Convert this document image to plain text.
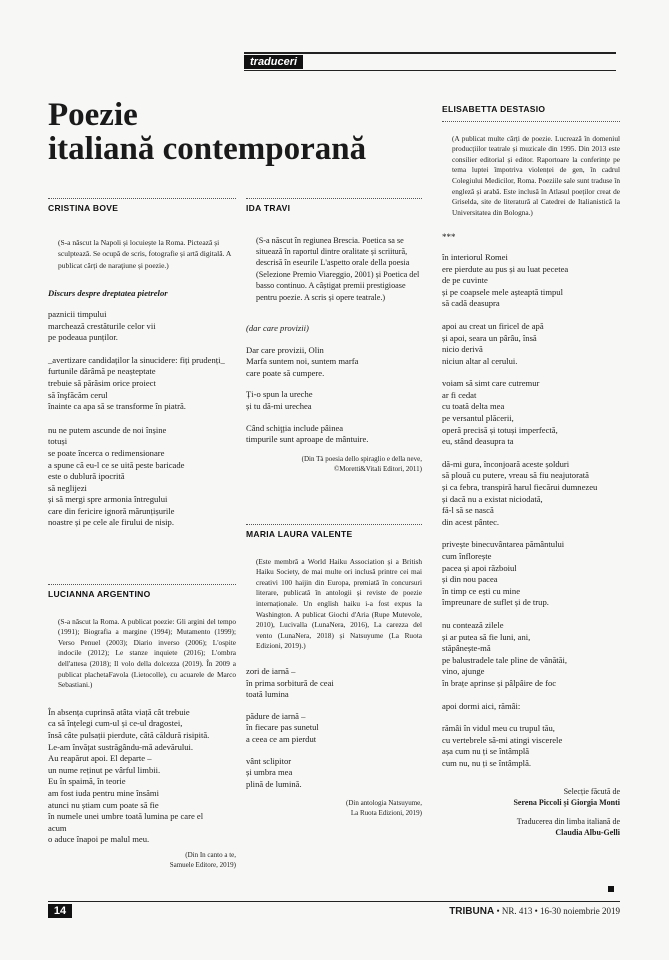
traduceri
Poezie
italiană contemporană

CRISTINA BOVE

(S-a născut la Napoli și locuiește la Roma. Pictează și sculptează. Se ocupă de scris, fotografie și artă digitală. A publicat cărți de naraţiune și poezie.)

Discurs despre dreptatea pietrelor

paznicii timpului
marchează crestăturile celor vii
pe podeaua punților.
_avertizare candidaților la sinucidere: fiți prudenți_
furtunile dărâmă pe neașteptate
trebuie să părăsim orice proiect
să înşfăcăm cerul
înainte ca apa să se transforme în piatră.
nu ne putem ascunde de noi înșine
totuși
se poate încerca o redimensionare
a spune că eu-l ce se uită peste baricade
este o dublură ipocrită
să neglijezi
și să mergi spre armonia întregului
care din fericire ignoră mărunțișurile
noastre și pe cele ale firului de nisip.

LUCIANNA ARGENTINO

(S-a născut la Roma. A publicat poezie: Gli argini del tempo (1991); Biografia a margine (1994); Mutamento (1999); Verso Penuel (2003); Diario inverso (2006); L'ospite indocile (2012); Le stanze inquiete (2016); L'ombra dell'attesa (2018); Il volo della dolcezza (2019). În 2009 a publicat plachetaFavola (Lietocolle), cu acuarele de Marco Sebastiani.)

În absența cuprinsă atâta viață cât trebuie
ca să înțelegi cum-ul și ce-ul dragostei,
însă câte pulsații pierdute, câtă căldură risipită.
Le-am învățat sustrăgându-mă adevărului.
Au reapărut apoi. El departe –
un nume reținut pe vârful limbii.
Eu în spaimă, în teorie
am fost iuda pentru mine însămi
atunci nu știam cum poate să fie
în numele unei umbre toată lumina pe care el
acum
o aduce înapoi pe malul meu.

(Din In canto a te,

Samuele Editore, 2019)

IDA TRAVI

(S-a născut în regiunea Brescia. Poetica sa se situează în raportul dintre oralitate și scriitură, descrisă în eseurile L'aspetto orale della poesia (Selezione Premio Viareggio, 2001) și Poetica del basso continuo. A câștigat premii prestigioase pentru poezie. A scris și opere teatrale.)

(dar care provizii)

Dar care provizii, Olin
Marfa suntem noi, suntem marfa
care poate să cumpere.
Ți-o spun la ureche
și tu dă-mi urechea
Când schiţția include pâinea
timpurile sunt aproape de mântuire.

(Din Tà poesia dello spiraglio e della neve,

©Moretti&Vitali Editori, 2011)

MARIA LAURA VALENTE

(Este membră a World Haiku Association și a British Haiku Society, de mai multe ori inclusă printre cei mai creativi 100 haijin din Europa, premiată în concursuri literare, publicată în antologii și reviste de poezie internaționale. Un english haiku i-a fost expus la Washington. A publicat Giochi d'Aria (Rupe Mutevole, 2010), Lucivalla (LunaNera, 2016), La carezza del vento (LunaNera, 2018) și Natsuyume (La Ruota Edizioni, 2019).)

zori de iarnă –
în prima sorbitură de ceai
toată lumina
pădure de iarnă –
în fiecare pas sunetul
a ceea ce am pierdut
vânt sclipitor
și umbra mea
plină de lumină.

(Din antologia Natsuyume,

La Ruota Edizioni, 2019)

ELISABETTA DESTASIO

(A publicat multe cărți de poezie. Lucrează în domeniul producțiilor teatrale și muzicale din 1995. Din 2013 este consilier editorial și editor. Raportoare la conferințe pe tema luptei împotriva violenței de gen, în cadrul Colegiului Medicilor, Roma. Poeziile sale sunt traduse în engleză și arabă. Este inclusă în Atlasul poeților creat de Griselda, site de literatură al Catedrei de Italianistică la Universitatea din Bologna.)

***

în interiorul Romei
ere pierdute au pus și au luat pecetea
de pe cuvinte
și pe coapsele mele așteaptă timpul
să cadă deasupra
apoi au creat un firicel de apă
și apoi, seara un pârâu, însă
nicio derivă
niciun altar al cerului.
voiam să simt care cutremur
ar fi cedat
cu toată delta mea
pe versantul plăcerii,
operă precisă și totuși imperfectă,
eu, stând deasupra ta
dă-mi gura, înconjoară aceste șolduri
să plouă cu putere, vreau să fiu neajutorată
și ca febra, transpiră harul fiecărui dumnezeu
și dacă nu a existat niciodată,
fă-l să se nască
din acest pântec.
privește binecuvântarea pământului
cum înflorește
pacea și apoi războiul
și din nou pacea
în timp ce ești cu mine
împreunare de suflet și de trup.
nu contează zilele
și ar putea să fie luni, ani,
stăpânește-mă
pe balustradele tale pline de vânătăi,
vino, ajunge
în brațe aprinse și pâlpâire de foc
apoi dormi aici, rămâi:
rămâi în vidul meu cu trupul tău,
cu vertebrele să-mi atingi viscerele
așa cum nu ți se întâmplă
cum nu, nu ți se întâmplă.

Selecție făcută de

Serena Piccoli și Giorgia Monti

Traducerea din limba italiană de

Claudia Albu-Gelli

14	TRIBUNA • NR. 413 • 16-30 noiembrie 2019
